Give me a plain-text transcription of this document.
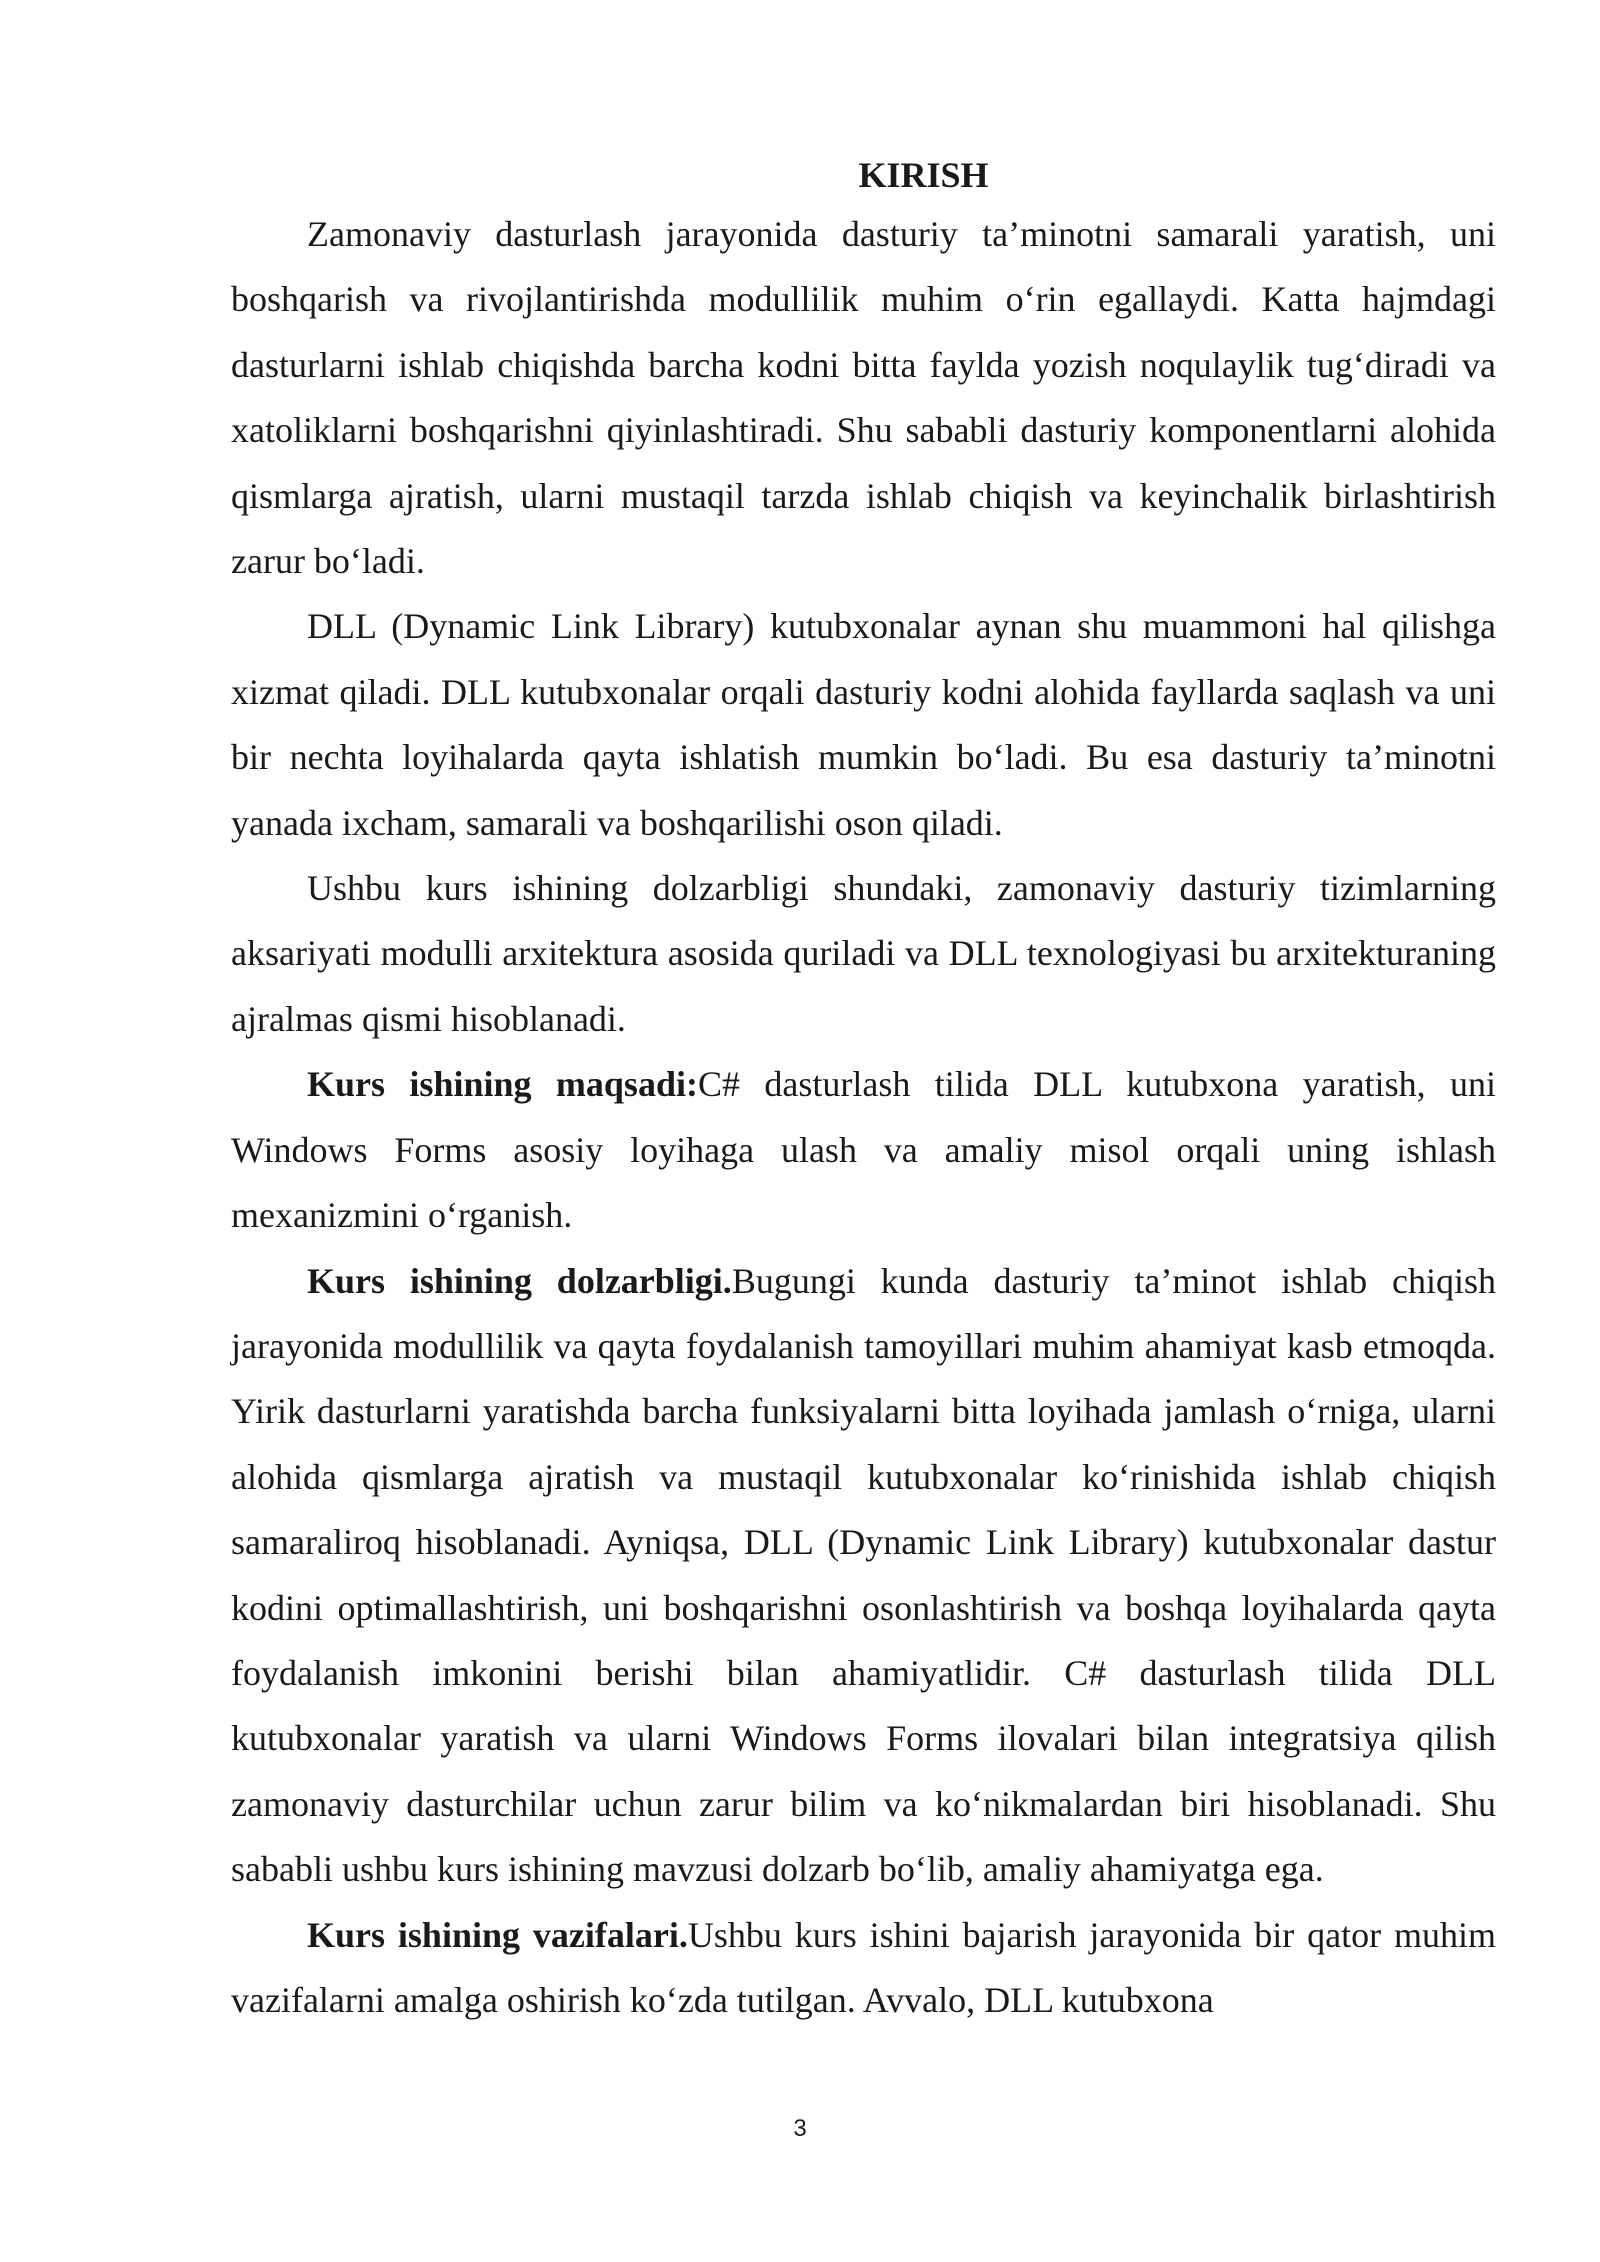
KIRISH

Zamonaviy dasturlash jarayonida dasturiy ta’minotni samarali yaratish, uni boshqarish va rivojlantirishda modullilik muhim o‘rin egallaydi. Katta hajmdagi dasturlarni ishlab chiqishda barcha kodni bitta faylda yozish noqulaylik tug‘diradi va xatoliklarni boshqarishni qiyinlashtiradi. Shu sababli dasturiy komponentlarni alohida qismlarga ajratish, ularni mustaqil tarzda ishlab chiqish va keyinchalik birlashtirish zarur bo‘ladi.

DLL (Dynamic Link Library) kutubxonalar aynan shu muammoni hal qilishga xizmat qiladi. DLL kutubxonalar orqali dasturiy kodni alohida fayllarda saqlash va uni bir nechta loyihalarda qayta ishlatish mumkin bo‘ladi. Bu esa dasturiy ta’minotni yanada ixcham, samarali va boshqarilishi oson qiladi.

Ushbu kurs ishining dolzarbligi shundaki, zamonaviy dasturiy tizimlarning aksariyati modulli arxitektura asosida quriladi va DLL texnologiyasi bu arxitekturaning ajralmas qismi hisoblanadi.

Kurs ishining maqsadi:C# dasturlash tilida DLL kutubxona yaratish, uni Windows Forms asosiy loyihaga ulash va amaliy misol orqali uning ishlash mexanizmini o‘rganish.

Kurs ishining dolzarbligi.Bugungi kunda dasturiy ta’minot ishlab chiqish jarayonida modullilik va qayta foydalanish tamoyillari muhim ahamiyat kasb etmoqda. Yirik dasturlarni yaratishda barcha funksiyalarni bitta loyihada jamlash o‘rniga, ularni alohida qismlarga ajratish va mustaqil kutubxonalar ko‘rinishida ishlab chiqish samaraliroq hisoblanadi. Ayniqsa, DLL (Dynamic Link Library) kutubxonalar dastur kodini optimallashtirish, uni boshqarishni osonlashtirish va boshqa loyihalarda qayta foydalanish imkonini berishi bilan ahamiyatlidir. C# dasturlash tilida DLL kutubxonalar yaratish va ularni Windows Forms ilovalari bilan integratsiya qilish zamonaviy dasturchilar uchun zarur bilim va ko‘nikmalardan biri hisoblanadi. Shu sababli ushbu kurs ishining mavzusi dolzarb bo‘lib, amaliy ahamiyatga ega.

Kurs ishining vazifalari.Ushbu kurs ishini bajarish jarayonida bir qator muhim vazifalarni amalga oshirish ko‘zda tutilgan. Avvalo, DLL kutubxona

3
